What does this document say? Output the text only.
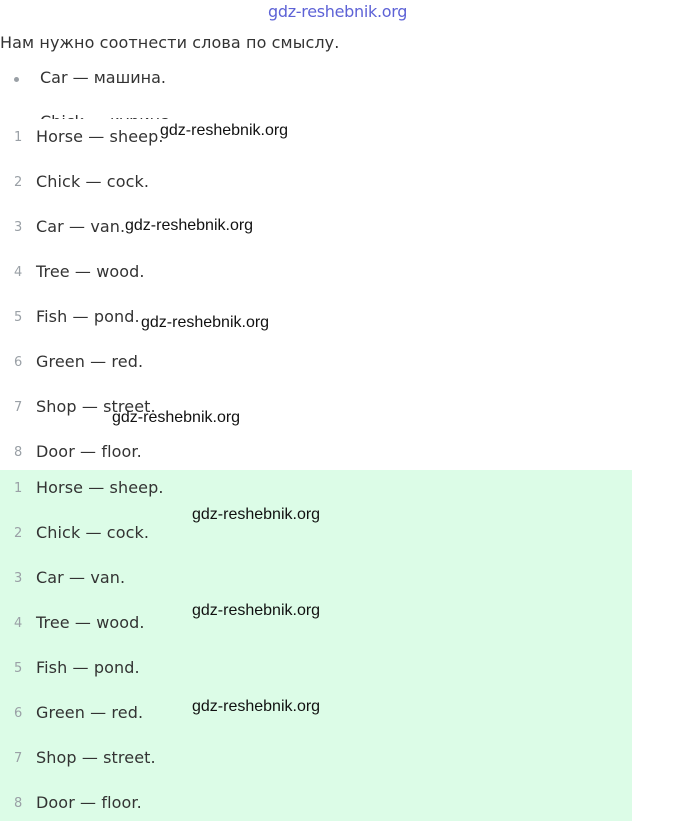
gdz-reshebnik.org
Нам нужно соотнести слова по смыслу.
Car — машина.
1 Horse — sheep.
2 Chick — cock.
3 Car — van.
4 Tree — wood.
5 Fish — pond.
6 Green — red.
7 Shop — street.
8 Door — floor.
1 Horse — sheep.
2 Chick — cock.
3 Car — van.
4 Tree — wood.
5 Fish — pond.
6 Green — red.
7 Shop — street.
8 Door — floor.
gdz-reshebnik.org
gdz-reshebnik.org
gdz-reshebnik.org
gdz-reshebnik.org
gdz-reshebnik.org
gdz-reshebnik.org
gdz-reshebnik.org
